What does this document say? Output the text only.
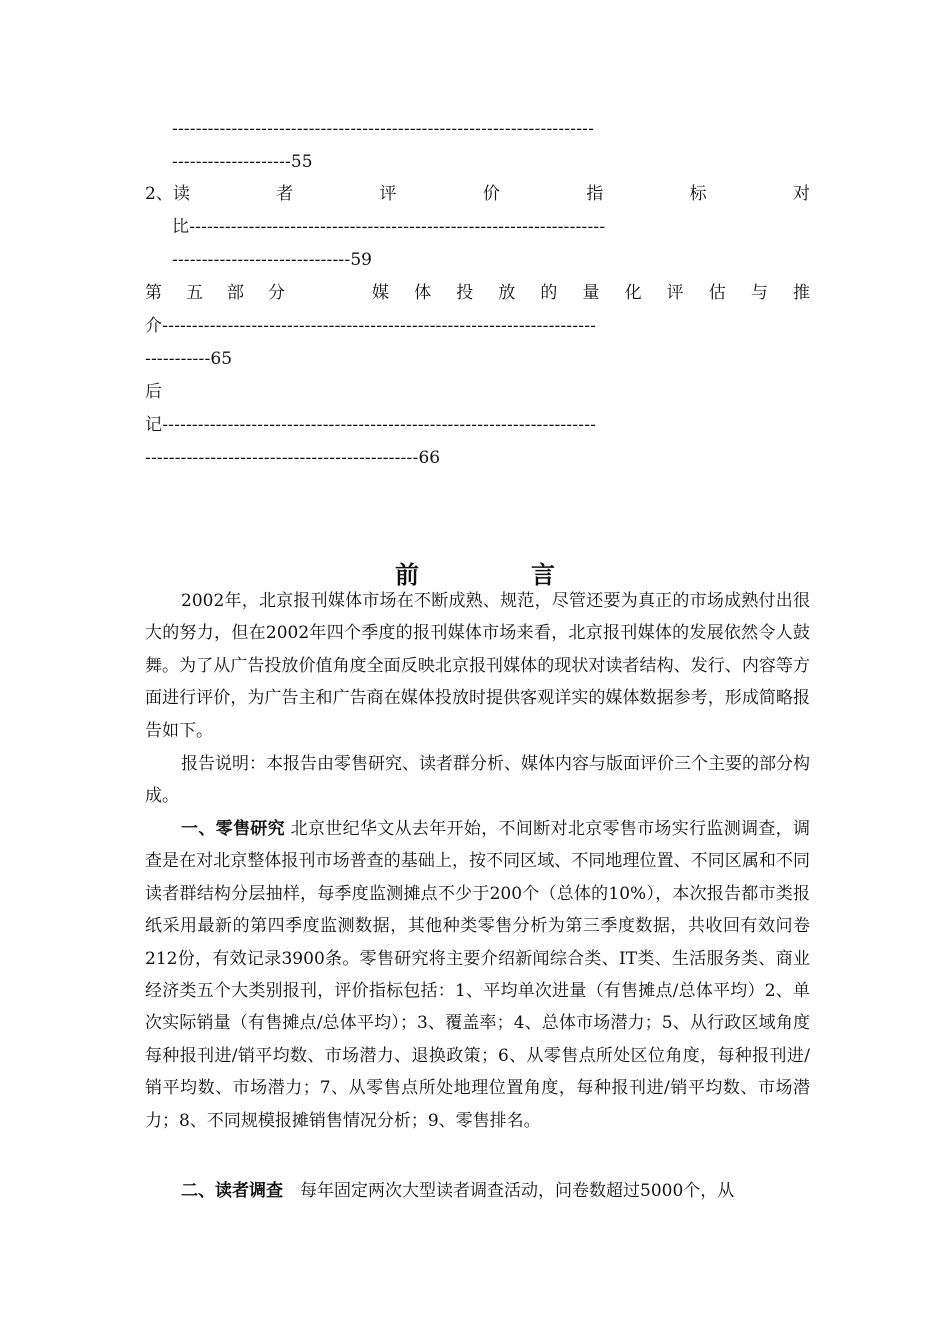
-----------------------------------------------------------------------
--------------------55
2、读	者	评	价	指	标	对
比----------------------------------------------------------------------
------------------------------59
第 五 部 分	媒 体 投 放 的 量 化 评 估 与 推
介-------------------------------------------------------------------------
-----------65
后
记-------------------------------------------------------------------------
----------------------------------------------66
前	言
2002年，北京报刊媒体市场在不断成熟、规范，尽管还要为真正的市场成熟付出很大的努力，但在2002年四个季度的报刊媒体市场来看，北京报刊媒体的发展依然令人鼓舞。为了从广告投放价值角度全面反映北京报刊媒体的现状对读者结构、发行、内容等方面进行评价，为广告主和广告商在媒体投放时提供客观详实的媒体数据参考，形成简略报告如下。
报告说明：本报告由零售研究、读者群分析、媒体内容与版面评价三个主要的部分构成。
一、零售研究 北京世纪华文从去年开始，不间断对北京零售市场实行监测调查，调查是在对北京整体报刊市场普查的基础上，按不同区域、不同地理位置、不同区属和不同读者群结构分层抽样，每季度监测摊点不少于200个（总体的10%），本次报告都市类报纸采用最新的第四季度监测数据，其他种类零售分析为第三季度数据，共收回有效问卷212份，有效记录3900条。零售研究将主要介绍新闻综合类、IT类、生活服务类、商业经济类五个大类别报刊，评价指标包括：1、平均单次进量（有售摊点/总体平均）2、单次实际销量（有售摊点/总体平均）；3、覆盖率；4、总体市场潜力；5、从行政区域角度每种报刊进/销平均数、市场潜力、退换政策；6、从零售点所处区位角度，每种报刊进/销平均数、市场潜力；7、从零售点所处地理位置角度，每种报刊进/销平均数、市场潜力；8、不同规模报摊销售情况分析；9、零售排名。
二、读者调查　每年固定两次大型读者调查活动，问卷数超过5000个，从
